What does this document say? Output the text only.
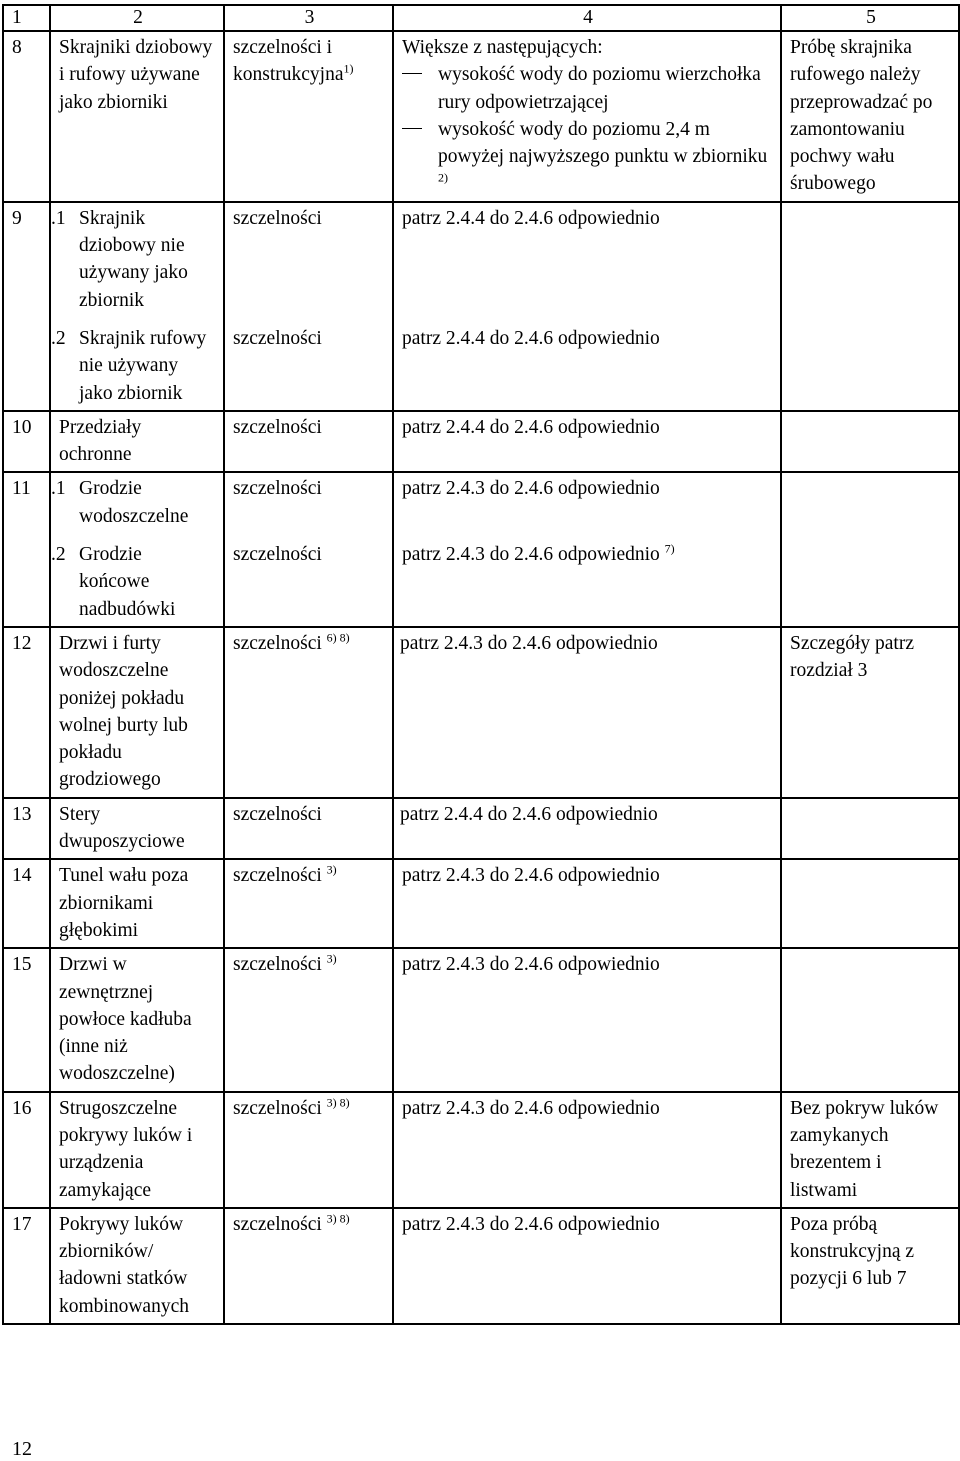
1	2	3	4	5
8	Skrajniki dziobowy i rufowy używane jako zbiorniki	szczelności i konstrukcyjna$^{1)}$	Większe z następujących:
wysokość wody do poziomu wierzchołka rury odpowietrzającej
wysokość wody do poziomu 2,4 m powyżej najwyższego punktu w zbiorniku $^{2)}$	Próbę skrajnika rufowego należy przeprowadzać po zamontowaniu pochwy wału śrubowego
9	.1 Skrajnik dziobowy nie używany jako zbiornik	szczelności	patrz 2.4.4 do 2.4.6 odpowiednio	

	.2 Skrajnik rufowy nie używany jako zbiornik	szczelności	patrz 2.4.4 do 2.4.6 odpowiednio	
10	Przedziały ochronne	szczelności	patrz 2.4.4 do 2.4.6 odpowiednio	
11	.1 Grodzie wodoszczelne	szczelności	patrz 2.4.3 do 2.4.6 odpowiednio	

	.2 Grodzie końcowe nadbudówki	szczelności	patrz 2.4.3 do 2.4.6 odpowiednio $^{7)}$	
12	Drzwi i furty wodoszczelne poniżej pokładu wolnej burty lub pokładu grodziowego	szczelności $^{6) 8)}$	patrz 2.4.3 do 2.4.6 odpowiednio	Szczegóły patrz rozdział 3
13	Stery dwuposzyciowe	szczelności	patrz 2.4.4 do 2.4.6 odpowiednio	
14	Tunel wału poza zbiornikami głębokimi	szczelności $^{3)}$	patrz 2.4.3 do 2.4.6 odpowiednio	
15	Drzwi w zewnętrznej powłoce kadłuba (inne niż wodoszczelne)	szczelności $^{3)}$	patrz 2.4.3 do 2.4.6 odpowiednio	
16	Strugoszczelne pokrywy luków i urządzenia zamykające	szczelności $^{3) 8)}$	patrz 2.4.3 do 2.4.6 odpowiednio	Bez pokryw luków zamykanych brezentem i listwami
17	Pokrywy luków zbiorników/ ładowni statków kombinowanych	szczelności $^{3) 8)}$	patrz 2.4.3 do 2.4.6 odpowiednio	Poza próbą konstrukcyjną z pozycji 6 lub 7
12
